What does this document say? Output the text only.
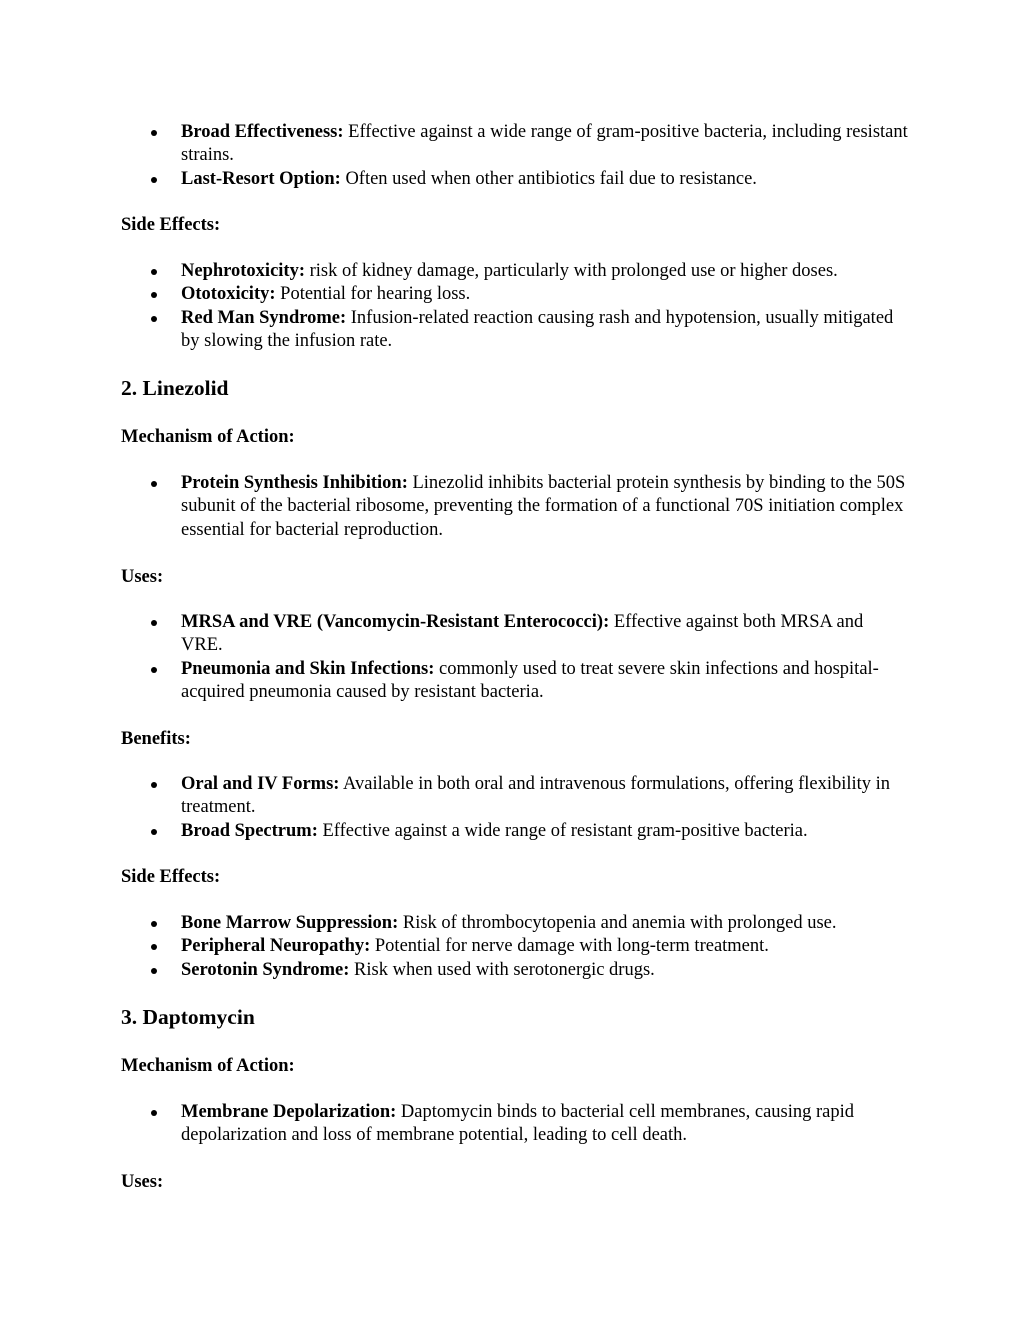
Broad Effectiveness: Effective against a wide range of gram-positive bacteria, including resistant strains.
Last-Resort Option: Often used when other antibiotics fail due to resistance.
Side Effects:
Nephrotoxicity: risk of kidney damage, particularly with prolonged use or higher doses.
Ototoxicity: Potential for hearing loss.
Red Man Syndrome: Infusion-related reaction causing rash and hypotension, usually mitigated by slowing the infusion rate.
2. Linezolid
Mechanism of Action:
Protein Synthesis Inhibition: Linezolid inhibits bacterial protein synthesis by binding to the 50S subunit of the bacterial ribosome, preventing the formation of a functional 70S initiation complex essential for bacterial reproduction.
Uses:
MRSA and VRE (Vancomycin-Resistant Enterococci): Effective against both MRSA and VRE.
Pneumonia and Skin Infections: commonly used to treat severe skin infections and hospital-acquired pneumonia caused by resistant bacteria.
Benefits:
Oral and IV Forms: Available in both oral and intravenous formulations, offering flexibility in treatment.
Broad Spectrum: Effective against a wide range of resistant gram-positive bacteria.
Side Effects:
Bone Marrow Suppression: Risk of thrombocytopenia and anemia with prolonged use.
Peripheral Neuropathy: Potential for nerve damage with long-term treatment.
Serotonin Syndrome: Risk when used with serotonergic drugs.
3. Daptomycin
Mechanism of Action:
Membrane Depolarization: Daptomycin binds to bacterial cell membranes, causing rapid depolarization and loss of membrane potential, leading to cell death.
Uses:
